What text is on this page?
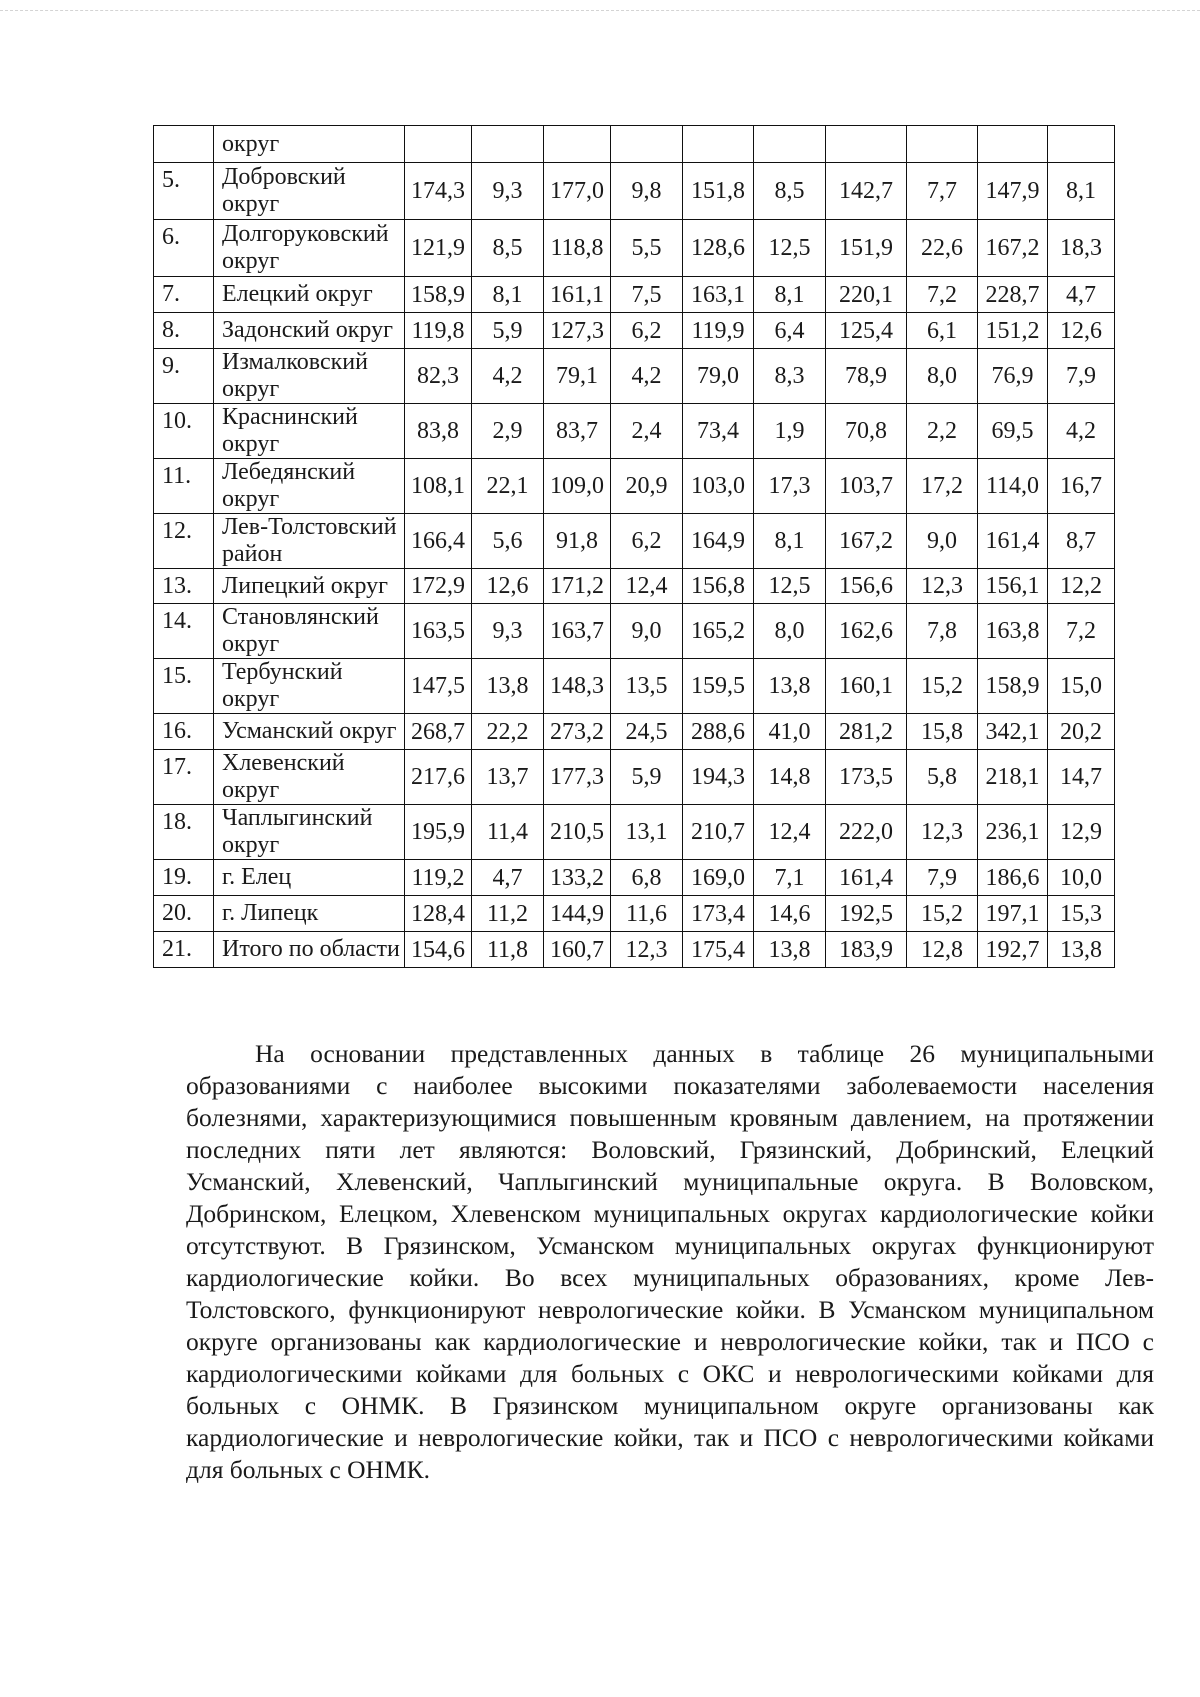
	округ										
5.	Добровский округ	174,3	9,3	177,0	9,8	151,8	8,5	142,7	7,7	147,9	8,1
6.	Долгоруковский округ	121,9	8,5	118,8	5,5	128,6	12,5	151,9	22,6	167,2	18,3
7.	Елецкий округ	158,9	8,1	161,1	7,5	163,1	8,1	220,1	7,2	228,7	4,7
8.	Задонский округ	119,8	5,9	127,3	6,2	119,9	6,4	125,4	6,1	151,2	12,6
9.	Измалковский округ	82,3	4,2	79,1	4,2	79,0	8,3	78,9	8,0	76,9	7,9
10.	Краснинский округ	83,8	2,9	83,7	2,4	73,4	1,9	70,8	2,2	69,5	4,2
11.	Лебедянский округ	108,1	22,1	109,0	20,9	103,0	17,3	103,7	17,2	114,0	16,7
12.	Лев-Толстовский район	166,4	5,6	91,8	6,2	164,9	8,1	167,2	9,0	161,4	8,7
13.	Липецкий округ	172,9	12,6	171,2	12,4	156,8	12,5	156,6	12,3	156,1	12,2
14.	Становлянский округ	163,5	9,3	163,7	9,0	165,2	8,0	162,6	7,8	163,8	7,2
15.	Тербунский округ	147,5	13,8	148,3	13,5	159,5	13,8	160,1	15,2	158,9	15,0
16.	Усманский округ	268,7	22,2	273,2	24,5	288,6	41,0	281,2	15,8	342,1	20,2
17.	Хлевенский округ	217,6	13,7	177,3	5,9	194,3	14,8	173,5	5,8	218,1	14,7
18.	Чаплыгинский округ	195,9	11,4	210,5	13,1	210,7	12,4	222,0	12,3	236,1	12,9
19.	г. Елец	119,2	4,7	133,2	6,8	169,0	7,1	161,4	7,9	186,6	10,0
20.	г. Липецк	128,4	11,2	144,9	11,6	173,4	14,6	192,5	15,2	197,1	15,3
21.	Итого по области	154,6	11,8	160,7	12,3	175,4	13,8	183,9	12,8	192,7	13,8

На основании представленных данных в таблице 26 муниципальными образованиями с наиболее высокими показателями заболеваемости населения болезнями, характеризующимися повышенным кровяным давлением, на протяжении последних пяти лет являются: Воловский, Грязинский, Добринский, Елецкий Усманский, Хлевенский, Чаплыгинский муниципальные округа. В Воловском, Добринском, Елецком, Хлевенском муниципальных округах кардиологические койки отсутствуют. В Грязинском, Усманском муниципальных округах функционируют кардиологические койки. Во всех муниципальных образованиях, кроме Лев-Толстовского, функционируют неврологические койки. В Усманском муниципальном округе организованы как кардиологические и неврологические койки, так и ПСО с кардиологическими койками для больных с ОКС и неврологическими койками для больных с ОНМК. В Грязинском муниципальном округе организованы как кардиологические и неврологические койки, так и ПСО с неврологическими койками для больных с ОНМК.
